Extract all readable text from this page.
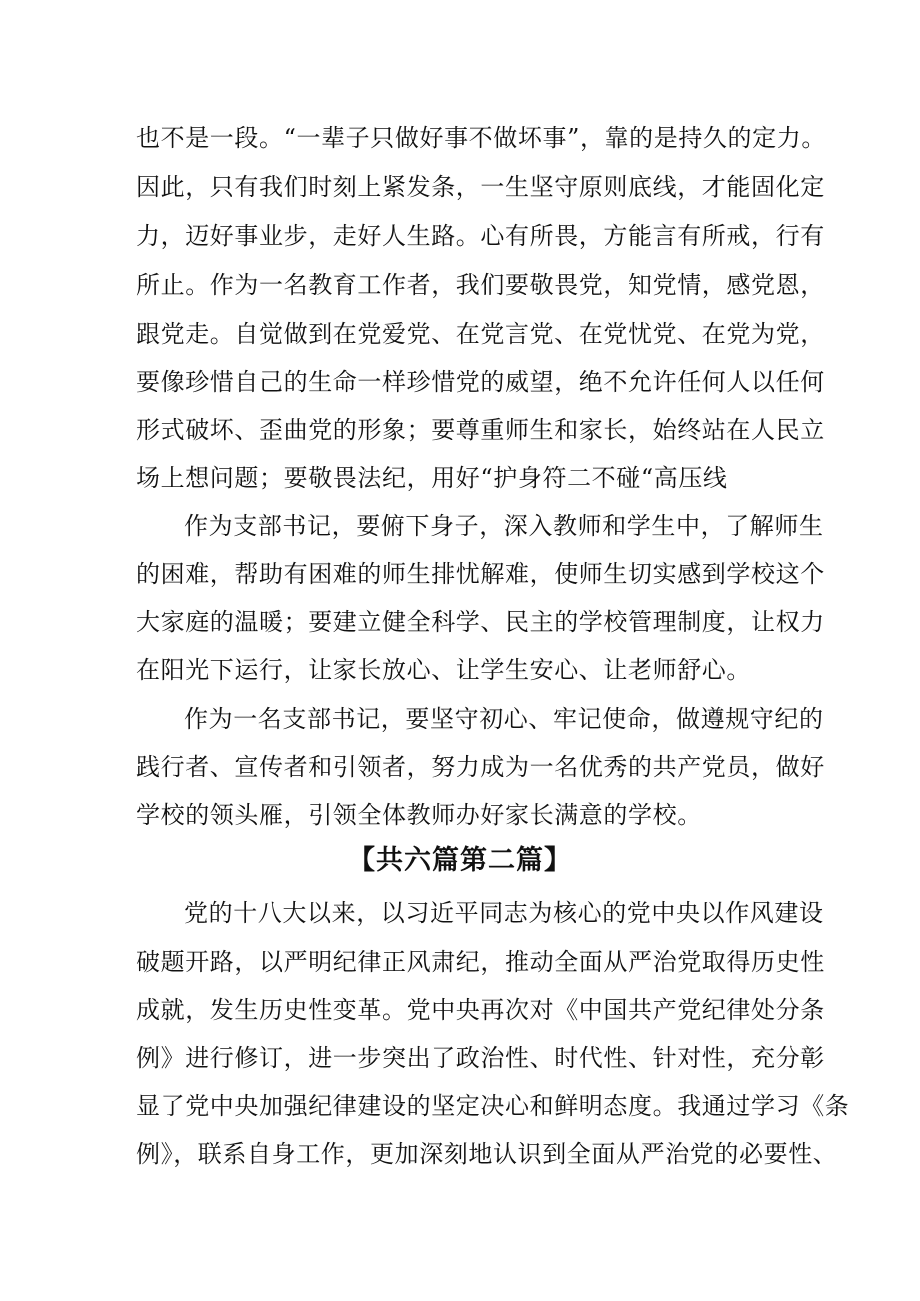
也不是一段。“一辈子只做好事不做坏事”，靠的是持久的定力。
因此，只有我们时刻上紧发条，一生坚守原则底线，才能固化定
力，迈好事业步，走好人生路。心有所畏，方能言有所戒，行有
所止。作为一名教育工作者，我们要敬畏党，知党情，感党恩，
跟党走。自觉做到在党爱党、在党言党、在党忧党、在党为党，
要像珍惜自己的生命一样珍惜党的威望，绝不允许任何人以任何
形式破坏、歪曲党的形象；要尊重师生和家长，始终站在人民立
场上想问题；要敬畏法纪，用好“护身符二不碰“高压线
作为支部书记，要俯下身子，深入教师和学生中，了解师生
的困难，帮助有困难的师生排忧解难，使师生切实感到学校这个
大家庭的温暖；要建立健全科学、民主的学校管理制度，让权力
在阳光下运行，让家长放心、让学生安心、让老师舒心。
作为一名支部书记，要坚守初心、牢记使命，做遵规守纪的
践行者、宣传者和引领者，努力成为一名优秀的共产党员，做好
学校的领头雁，引领全体教师办好家长满意的学校。
【共六篇第二篇】
党的十八大以来，以习近平同志为核心的党中央以作风建设
破题开路，以严明纪律正风肃纪，推动全面从严治党取得历史性
成就，发生历史性变革。党中央再次对《中国共产党纪律处分条
例》进行修订，进一步突出了政治性、时代性、针对性，充分彰
显了党中央加强纪律建设的坚定决心和鲜明态度。我通过学习《条
例》，联系自身工作，更加深刻地认识到全面从严治党的必要性、
